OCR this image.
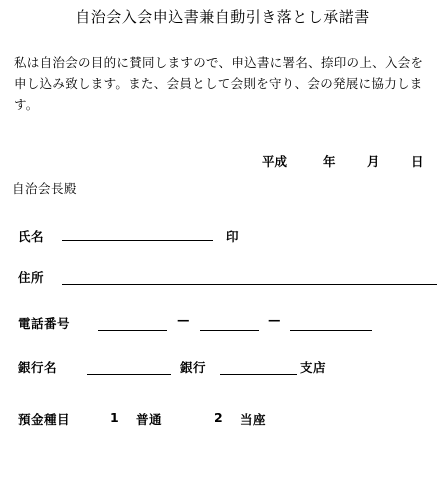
自治会入会申込書兼自動引き落とし承諾書
私は自治会の目的に賛同しますので、申込書に署名、捺印の上、入会を申し込み致します。また、会員として会則を守り、会の発展に協力します。
平成	年	月	日
自治会長殿
氏名	印
住所
電話番号	—	—
銀行名	銀行	支店
預金種目	1 普通	2 当座
